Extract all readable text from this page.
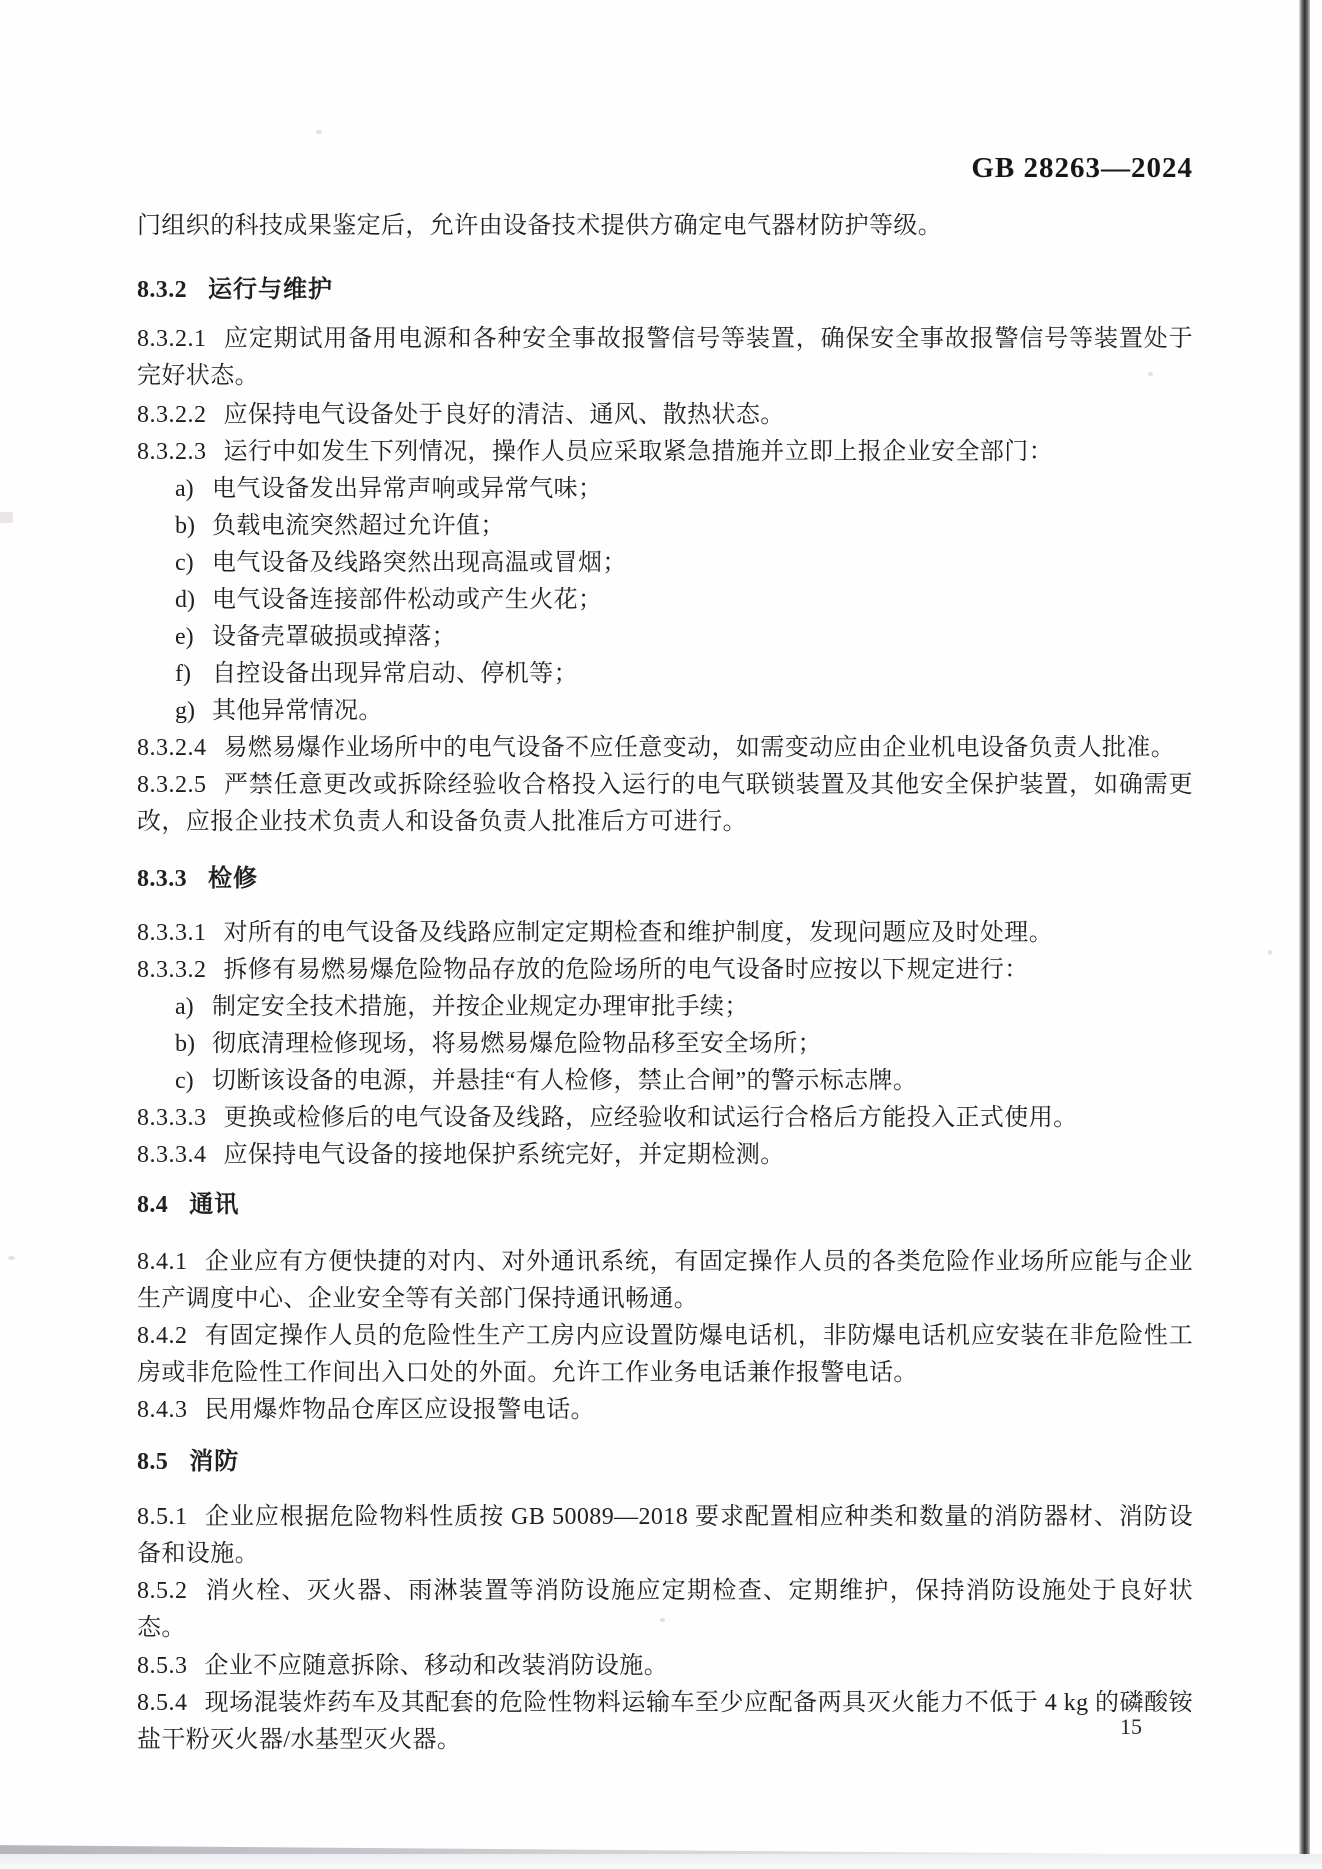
GB 28263—2024
门组织的科技成果鉴定后，允许由设备技术提供方确定电气器材防护等级。
8.3.2 运行与维护
8.3.2.1 应定期试用备用电源和各种安全事故报警信号等装置，确保安全事故报警信号等装置处于完好状态。
8.3.2.2 应保持电气设备处于良好的清洁、通风、散热状态。
8.3.2.3 运行中如发生下列情况，操作人员应采取紧急措施并立即上报企业安全部门：
a) 电气设备发出异常声响或异常气味；
b) 负载电流突然超过允许值；
c) 电气设备及线路突然出现高温或冒烟；
d) 电气设备连接部件松动或产生火花；
e) 设备壳罩破损或掉落；
f) 自控设备出现异常启动、停机等；
g) 其他异常情况。
8.3.2.4 易燃易爆作业场所中的电气设备不应任意变动，如需变动应由企业机电设备负责人批准。
8.3.2.5 严禁任意更改或拆除经验收合格投入运行的电气联锁装置及其他安全保护装置，如确需更改，应报企业技术负责人和设备负责人批准后方可进行。
8.3.3 检修
8.3.3.1 对所有的电气设备及线路应制定定期检查和维护制度，发现问题应及时处理。
8.3.3.2 拆修有易燃易爆危险物品存放的危险场所的电气设备时应按以下规定进行：
a) 制定安全技术措施，并按企业规定办理审批手续；
b) 彻底清理检修现场，将易燃易爆危险物品移至安全场所；
c) 切断该设备的电源，并悬挂“有人检修，禁止合闸”的警示标志牌。
8.3.3.3 更换或检修后的电气设备及线路，应经验收和试运行合格后方能投入正式使用。
8.3.3.4 应保持电气设备的接地保护系统完好，并定期检测。
8.4 通讯
8.4.1 企业应有方便快捷的对内、对外通讯系统，有固定操作人员的各类危险作业场所应能与企业生产调度中心、企业安全等有关部门保持通讯畅通。
8.4.2 有固定操作人员的危险性生产工房内应设置防爆电话机，非防爆电话机应安装在非危险性工房或非危险性工作间出入口处的外面。允许工作业务电话兼作报警电话。
8.4.3 民用爆炸物品仓库区应设报警电话。
8.5 消防
8.5.1 企业应根据危险物料性质按 GB 50089—2018 要求配置相应种类和数量的消防器材、消防设备和设施。
8.5.2 消火栓、灭火器、雨淋装置等消防设施应定期检查、定期维护，保持消防设施处于良好状态。
8.5.3 企业不应随意拆除、移动和改装消防设施。
8.5.4 现场混装炸药车及其配套的危险性物料运输车至少应配备两具灭火能力不低于 4 kg 的磷酸铵盐干粉灭火器/水基型灭火器。
15
